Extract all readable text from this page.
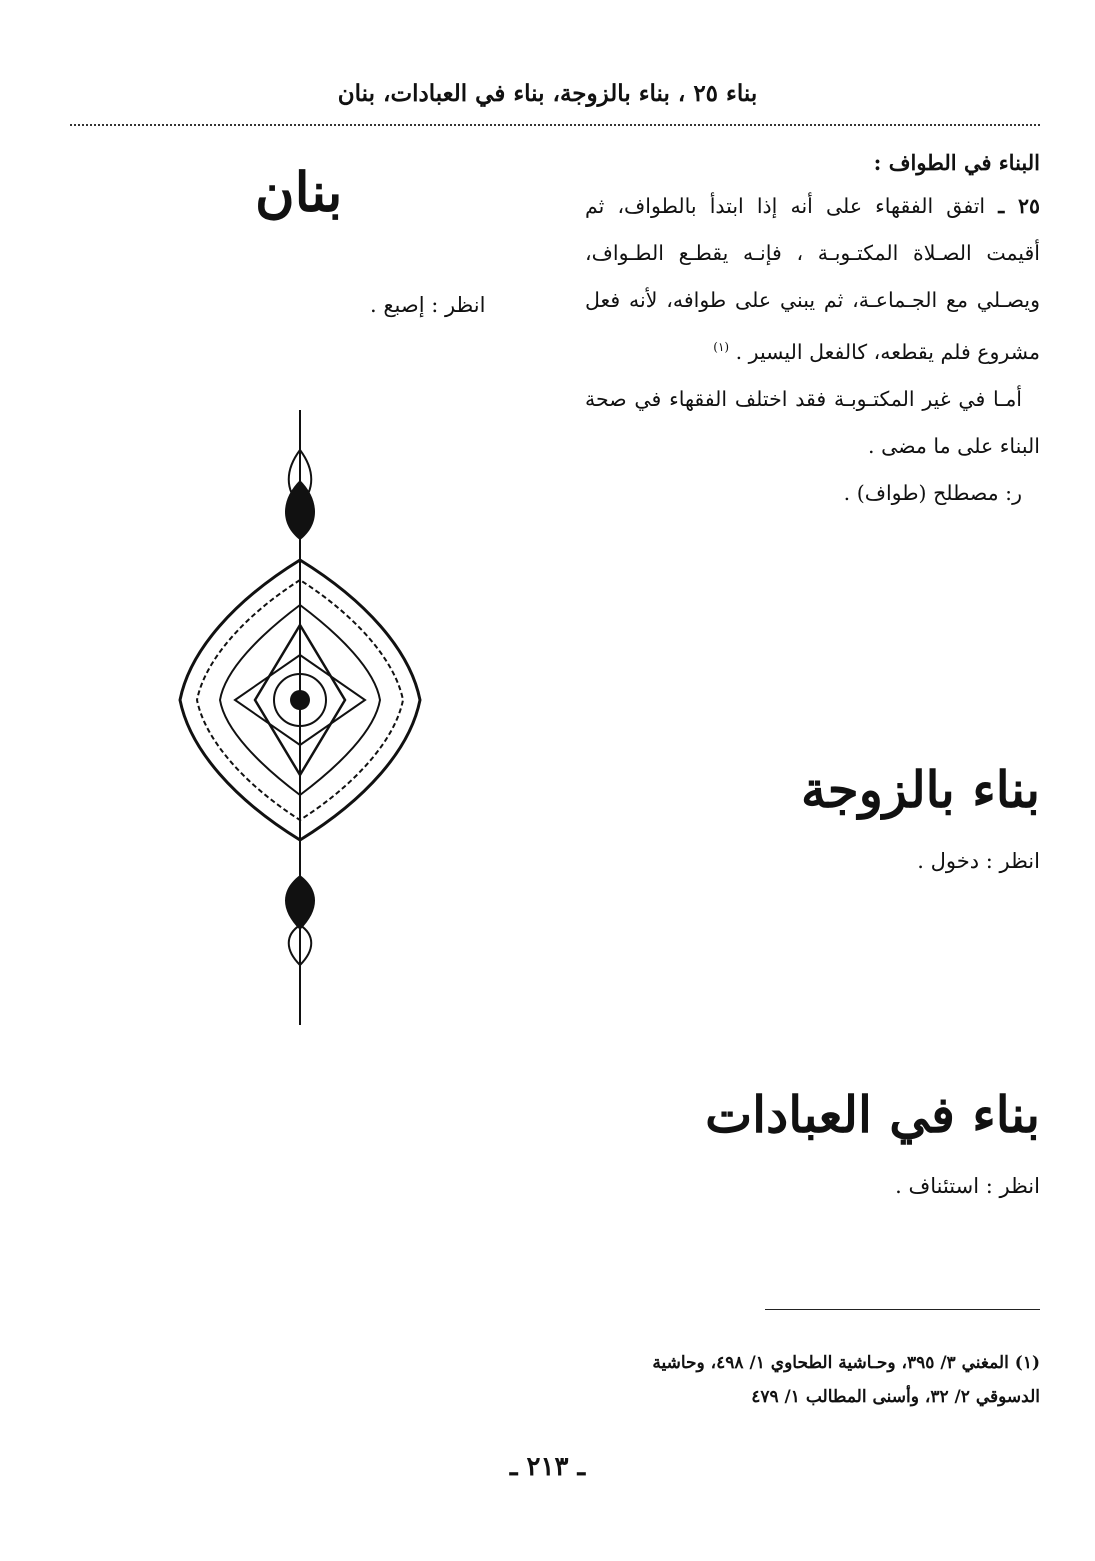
بناء ٢٥ ، بناء بالزوجة، بناء في العبادات، بنان

البناء في الطواف :

٢٥ ـ اتفق الفقهاء على أنه إذا ابتدأ بالطواف، ثم أقيمت الصـلاة المكتـوبـة ، فإنـه يقطـع الطـواف، ويصـلي مع الجـماعـة، ثم يبني على طوافه، لأنه فعل مشروع فلم يقطعه، كالفعل اليسير . $^{(١)}$

أمـا في غير المكتـوبـة فقد اختلف الفقهاء في صحة البناء على ما مضى .

ر: مصطلح (طواف) .

بنان
انظر : إصبع .

بناء بالزوجة

انظر : دخول .

بناء في العبادات

انظر : استئناف .

(١) المغني ٣/ ٣٩٥، وحـاشية الطحاوي ١/ ٤٩٨، وحاشية
الدسوقي ٢/ ٣٢، وأسنى المطالب ١/ ٤٧٩
ـ ٢١٣ ـ
